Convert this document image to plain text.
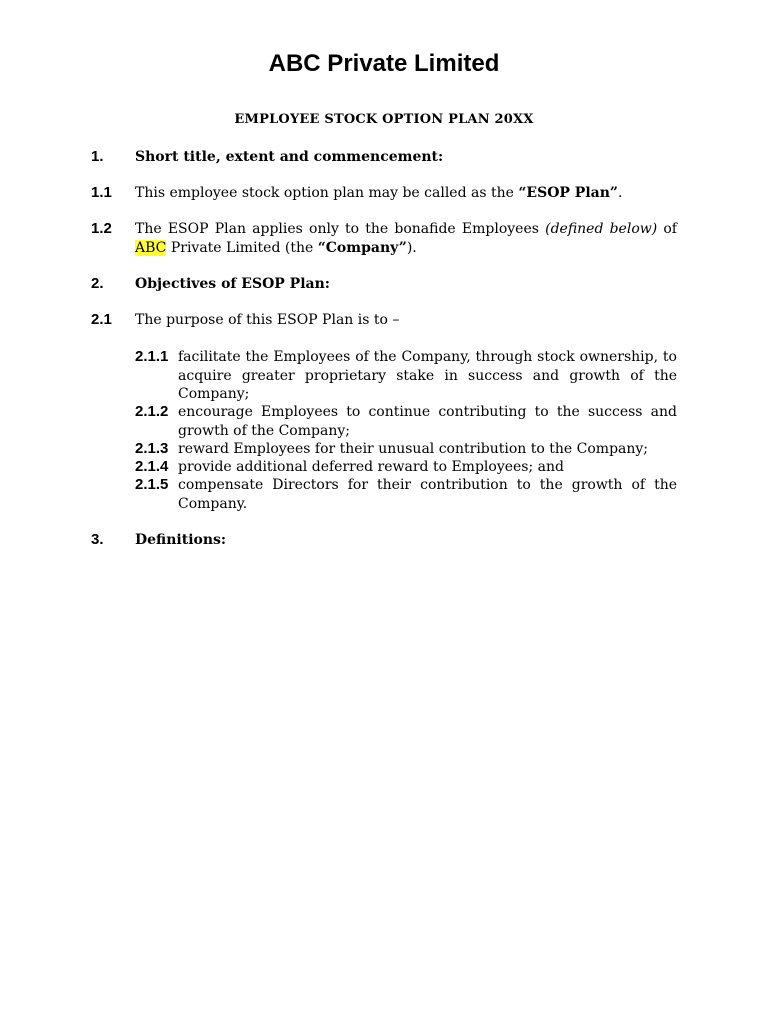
ABC Private Limited
EMPLOYEE STOCK OPTION PLAN 20XX
1. Short title, extent and commencement:
1.1 This employee stock option plan may be called as the “ESOP Plan”.
1.2 The ESOP Plan applies only to the bonafide Employees (defined below) of
ABC Private Limited (the “Company”).
2. Objectives of ESOP Plan:
2.1 The purpose of this ESOP Plan is to –
2.1.1 facilitate the Employees of the Company, through stock ownership, to acquire greater proprietary stake in success and growth of the Company;
2.1.2 encourage Employees to continue contributing to the success and growth of the Company;
2.1.3 reward Employees for their unusual contribution to the Company;
2.1.4 provide additional deferred reward to Employees; and
2.1.5 compensate Directors for their contribution to the growth of the Company.
3. Definitions:
